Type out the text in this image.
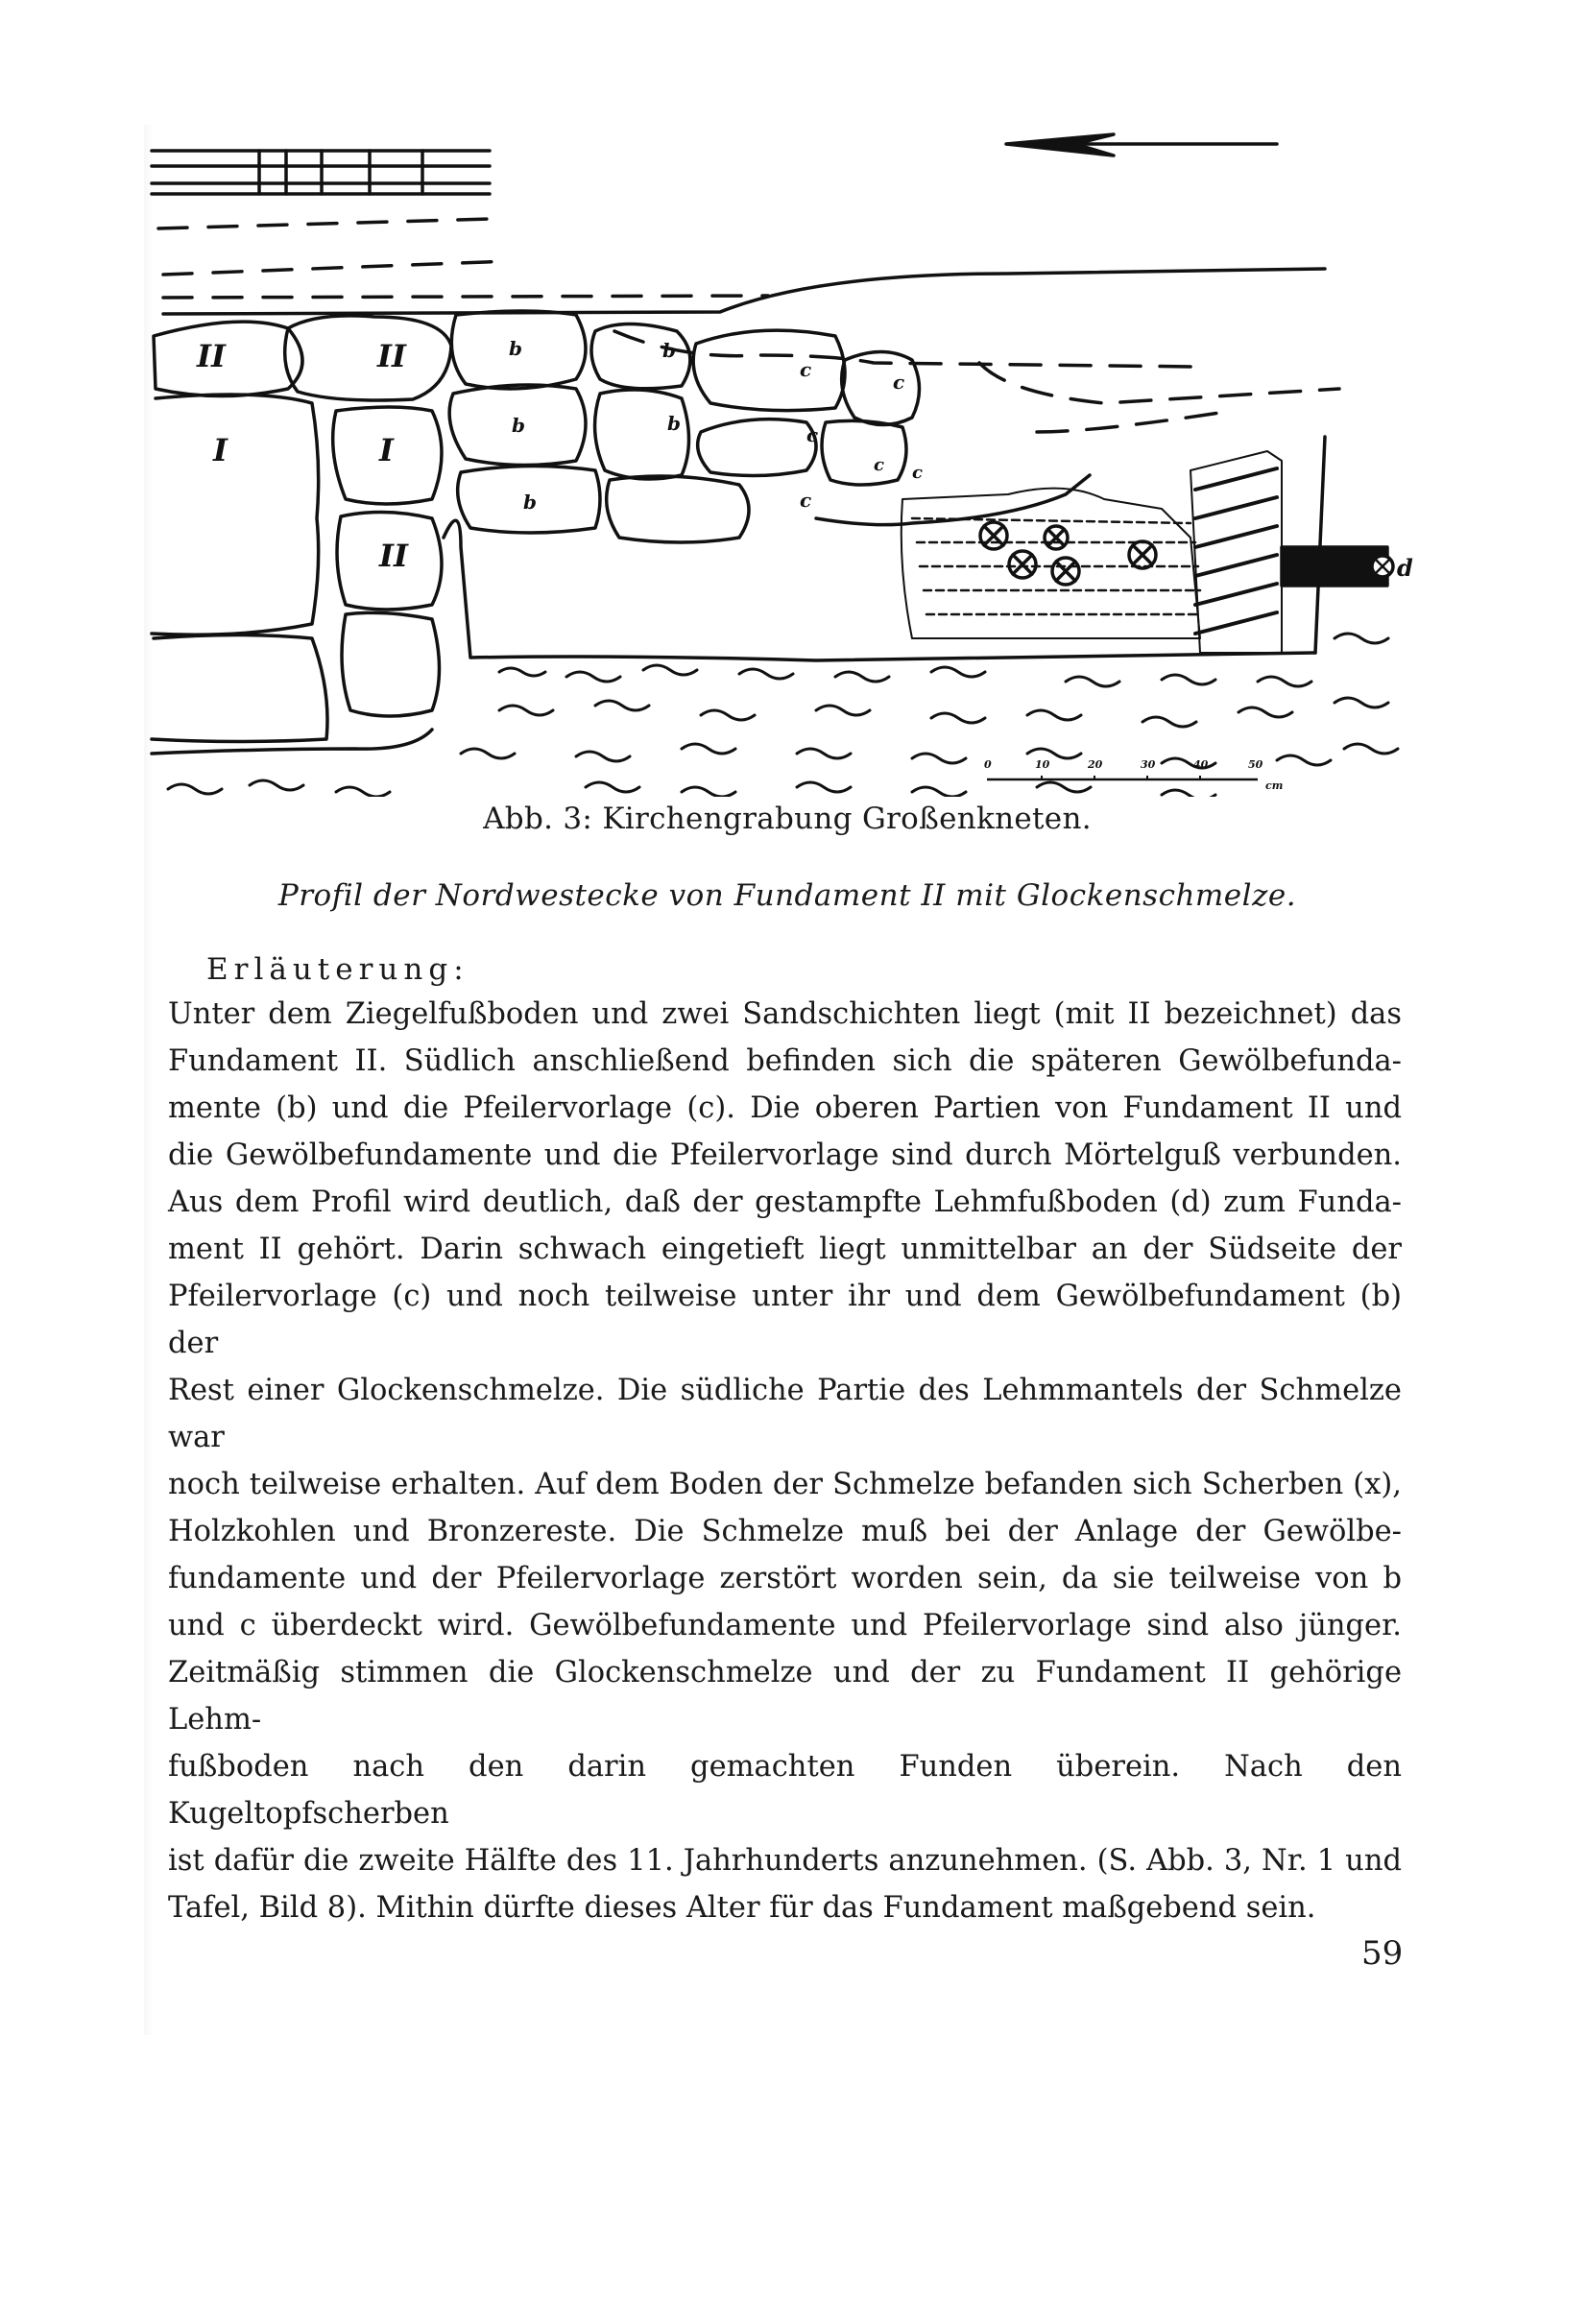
II	II
I	I
II
b	b
b	b
b
c
c
c
c c
c
d
0	10	20	30	40	50
cm
Abb. 3: Kirchengrabung Großenkneten.
Profil der Nordwestecke von Fundament II mit Glockenschmelze.
Erläuterung:

Unter dem Ziegelfußboden und zwei Sandschichten liegt (mit II bezeichnet) das

Fundament II. Südlich anschließend befinden sich die späteren Gewölbefunda-

mente (b) und die Pfeilervorlage (c). Die oberen Partien von Fundament II und

die Gewölbefundamente und die Pfeilervorlage sind durch Mörtelguß verbunden.

Aus dem Profil wird deutlich, daß der gestampfte Lehmfußboden (d) zum Funda-

ment II gehört. Darin schwach eingetieft liegt unmittelbar an der Südseite der

Pfeilervorlage (c) und noch teilweise unter ihr und dem Gewölbefundament (b) der

Rest einer Glockenschmelze. Die südliche Partie des Lehmmantels der Schmelze war

noch teilweise erhalten. Auf dem Boden der Schmelze befanden sich Scherben (x),

Holzkohlen und Bronzereste. Die Schmelze muß bei der Anlage der Gewölbe-

fundamente und der Pfeilervorlage zerstört worden sein, da sie teilweise von b

und c überdeckt wird. Gewölbefundamente und Pfeilervorlage sind also jünger.

Zeitmäßig stimmen die Glockenschmelze und der zu Fundament II gehörige Lehm-

fußboden nach den darin gemachten Funden überein. Nach den Kugeltopfscherben

ist dafür die zweite Hälfte des 11. Jahrhunderts anzunehmen. (S. Abb. 3, Nr. 1 und

Tafel, Bild 8). Mithin dürfte dieses Alter für das Fundament maßgebend sein.

59
